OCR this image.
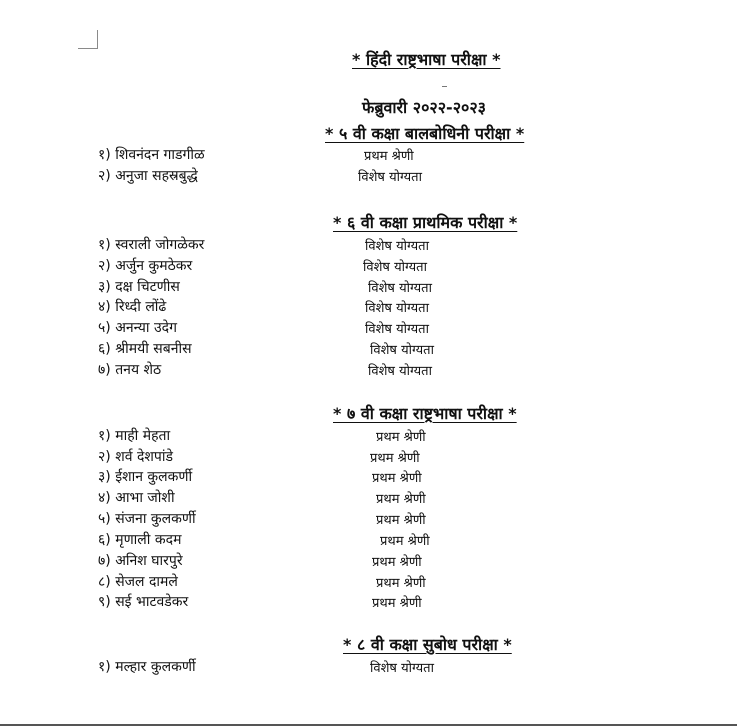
* हिंदी राष्ट्रभाषा परीक्षा *
फेब्रुवारी २०२२-२०२३
* ५ वी कक्षा बालबोधिनी परीक्षा *
१) शिवनंदन गाडगीळ	प्रथम श्रेणी
२) अनुजा सहस्रबुद्धे	विशेष योग्यता
* ६ वी कक्षा प्राथमिक परीक्षा *
१) स्वराली जोगळेकर	विशेष योग्यता
२) अर्जुन कुमठेकर	विशेष योग्यता
३) दक्ष चिटणीस	विशेष योग्यता
४) रिध्दी लोंढे	विशेष योग्यता
५) अनन्या उदेग	विशेष योग्यता
६) श्रीमयी सबनीस	विशेष योग्यता
७) तनय शेठ	विशेष योग्यता
* ७ वी कक्षा राष्ट्रभाषा परीक्षा *
१) माही मेहता	प्रथम श्रेणी
२) शर्व देशपांडे	प्रथम श्रेणी
३) ईशान कुलकर्णी	प्रथम श्रेणी
४) आभा जोशी	प्रथम श्रेणी
५) संजना कुलकर्णी	प्रथम श्रेणी
६) मृणाली कदम	प्रथम श्रेणी
७) अनिश घारपुरे	प्रथम श्रेणी
८) सेजल दामले	प्रथम श्रेणी
९) सई भाटवडेकर	प्रथम श्रेणी
* ८ वी कक्षा सुबोध परीक्षा *
१) मल्हार कुलकर्णी	विशेष योग्यता
